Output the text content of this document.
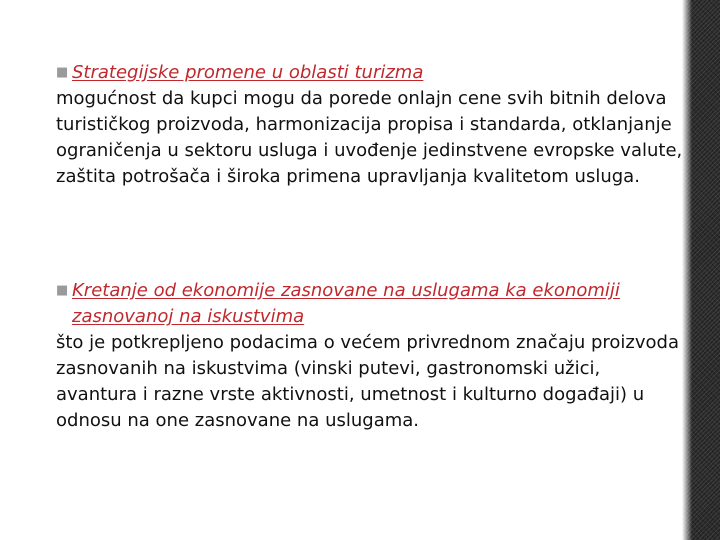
■ Strategijske promene u oblasti turizma
mogućnost da kupci mogu da porede onlajn cene svih bitnih delova turističkog proizvoda, harmonizacija propisa i standarda, otklanjanje ograničenja u sektoru usluga i uvođenje jedinstvene evropske valute, zaštita potrošača i široka primena upravljanja kvalitetom usluga.
■ Kretanje od ekonomije zasnovane na uslugama ka ekonomiji zasnovanoj na iskustvima
što je potkrepljeno podacima o većem privrednom značaju proizvoda zasnovanih na iskustvima (vinski putevi, gastronomski užici, avantura i razne vrste aktivnosti, umetnost i kulturno događaji) u odnosu na one zasnovane na uslugama.
